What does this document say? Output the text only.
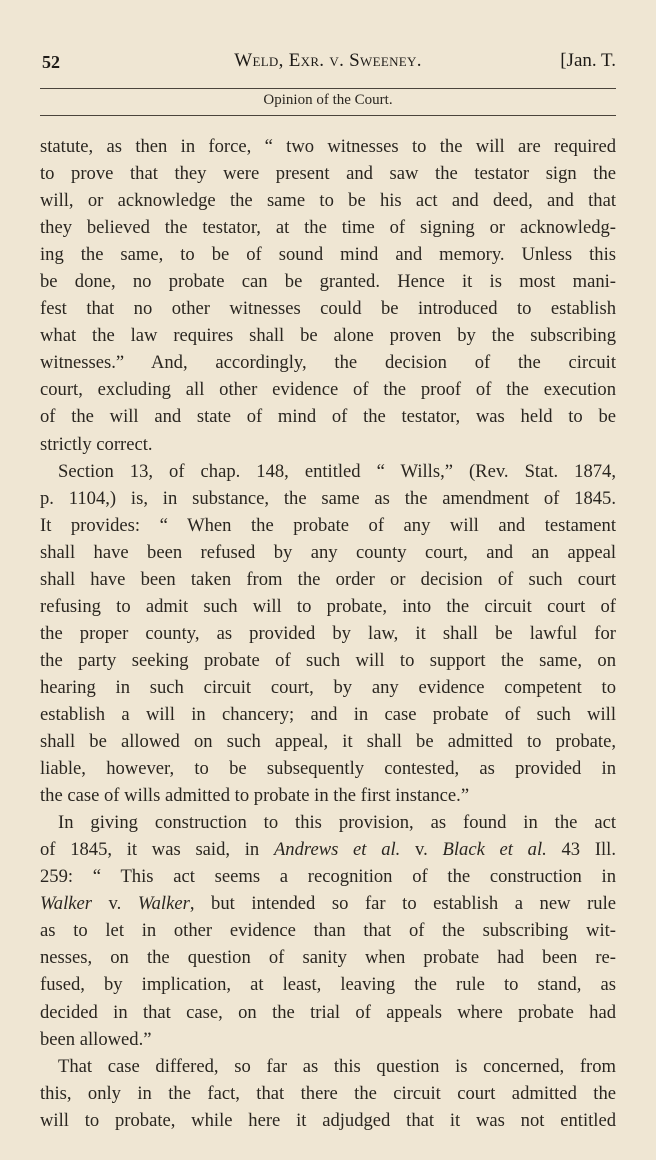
52	Weld, Exr. v. Sweeney.	[Jan. T.
Opinion of the Court.
statute, as then in force, “ two witnesses to the will are required
to prove that they were present and saw the testator sign the
will, or acknowledge the same to be his act and deed, and that
they believed the testator, at the time of signing or acknowledg-
ing the same, to be of sound mind and memory. Unless this
be done, no probate can be granted. Hence it is most mani-
fest that no other witnesses could be introduced to establish
what the law requires shall be alone proven by the subscribing
witnesses.” And, accordingly, the decision of the circuit
court, excluding all other evidence of the proof of the execution
of the will and state of mind of the testator, was held to be
strictly correct.
Section 13, of chap. 148, entitled “ Wills,” (Rev. Stat. 1874,
p. 1104,) is, in substance, the same as the amendment of 1845.
It provides: “ When the probate of any will and testament
shall have been refused by any county court, and an appeal
shall have been taken from the order or decision of such court
refusing to admit such will to probate, into the circuit court of
the proper county, as provided by law, it shall be lawful for
the party seeking probate of such will to support the same, on
hearing in such circuit court, by any evidence competent to
establish a will in chancery; and in case probate of such will
shall be allowed on such appeal, it shall be admitted to probate,
liable, however, to be subsequently contested, as provided in
the case of wills admitted to probate in the first instance.”
In giving construction to this provision, as found in the act
of 1845, it was said, in Andrews et al. v. Black et al. 43 Ill.
259: “ This act seems a recognition of the construction in
Walker v. Walker, but intended so far to establish a new rule
as to let in other evidence than that of the subscribing wit-
nesses, on the question of sanity when probate had been re-
fused, by implication, at least, leaving the rule to stand, as
decided in that case, on the trial of appeals where probate had
been allowed.”
That case differed, so far as this question is concerned, from
this, only in the fact, that there the circuit court admitted the
will to probate, while here it adjudged that it was not entitled
